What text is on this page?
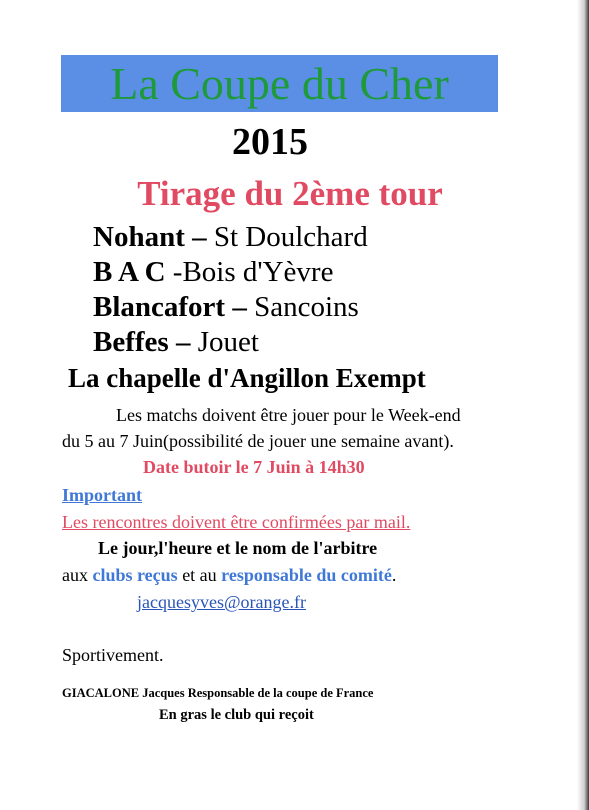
La Coupe du Cher
2015
Tirage du 2ème tour
Nohant – St Doulchard
B A C -Bois d'Yèvre
Blancafort – Sancoins
Beffes – Jouet
La chapelle d'Angillon Exempt
Les matchs doivent être jouer pour le Week-end
du 5 au 7 Juin(possibilité de jouer une semaine avant).
Date butoir le 7 Juin à 14h30
Important
Les rencontres doivent être confirmées par mail.
Le jour,l'heure et le nom de l'arbitre
aux clubs reçus et au responsable du comité.
jacquesyves@orange.fr
Sportivement.
GIACALONE Jacques Responsable de la coupe de France
En gras le club qui reçoit
